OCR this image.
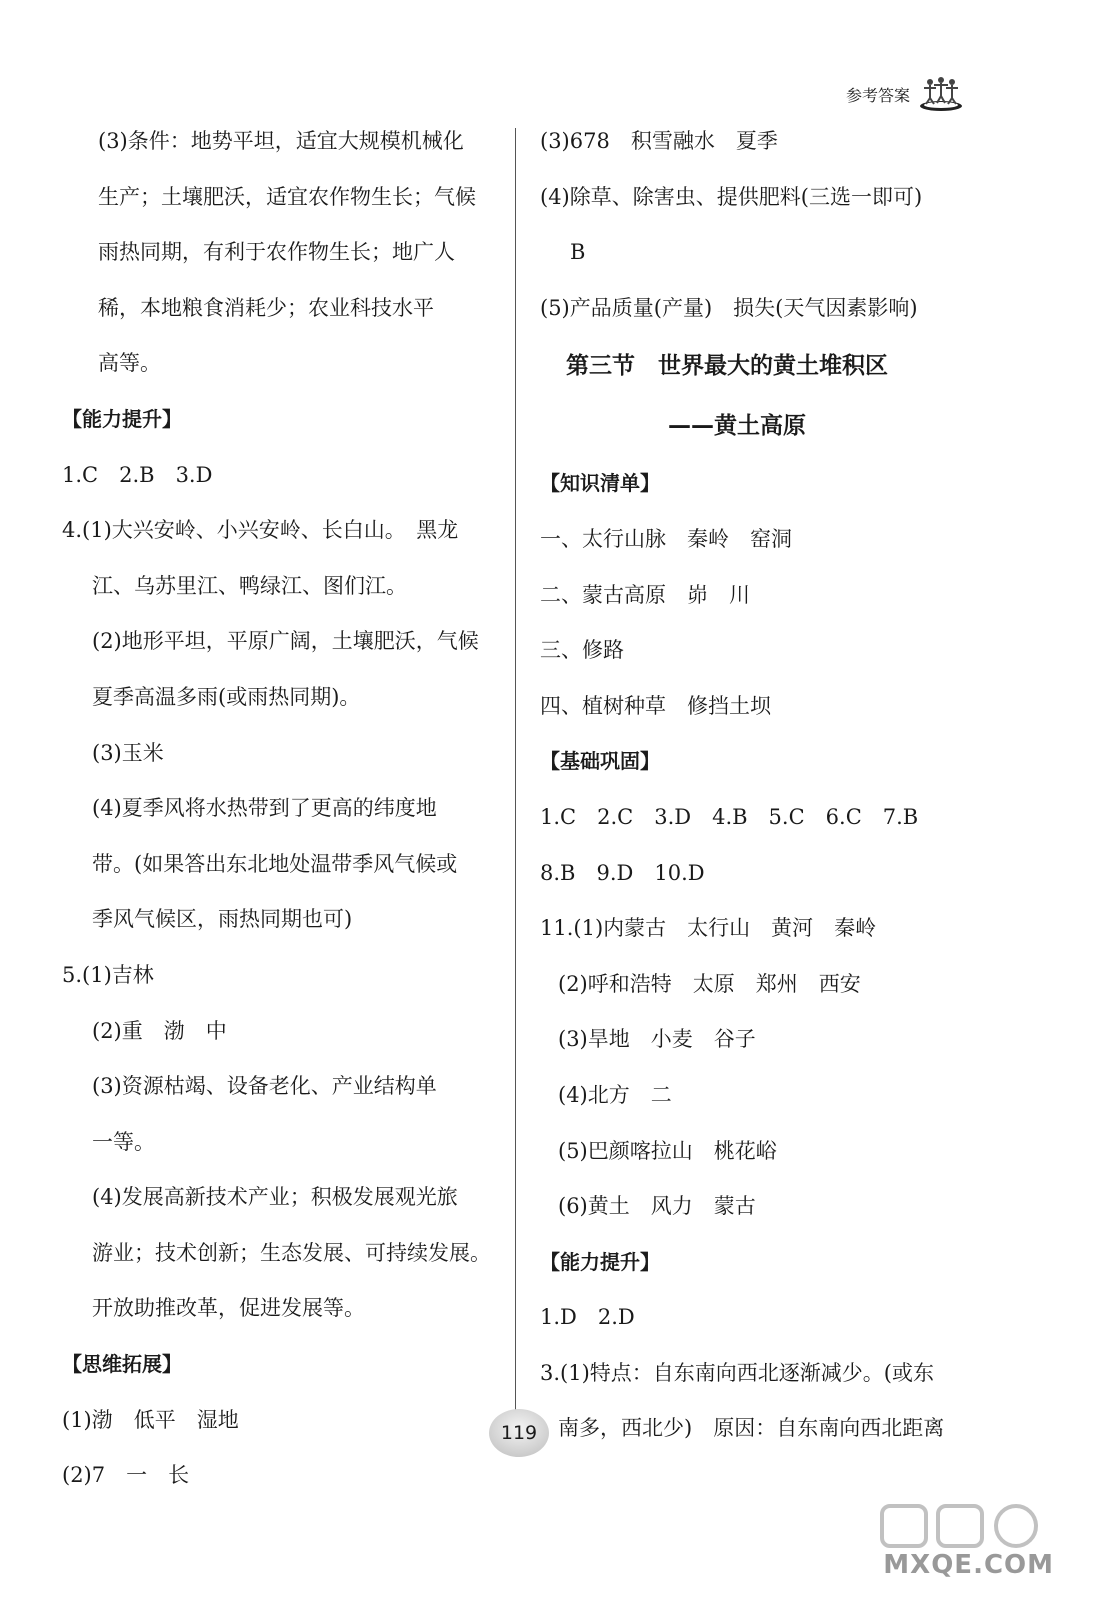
参考答案
(3)条件：地势平坦，适宜大规模机械化
生产；土壤肥沃，适宜农作物生长；气候
雨热同期，有利于农作物生长；地广人
稀，本地粮食消耗少；农业科技水平
高等。
【能力提升】
1.C　2.B　3.D
4.(1)大兴安岭、小兴安岭、长白山。　黑龙
江、乌苏里江、鸭绿江、图们江。
(2)地形平坦，平原广阔，土壤肥沃，气候
夏季高温多雨(或雨热同期)。
(3)玉米
(4)夏季风将水热带到了更高的纬度地
带。(如果答出东北地处温带季风气候或
季风气候区，雨热同期也可)
5.(1)吉林
(2)重　渤　中
(3)资源枯竭、设备老化、产业结构单
一等。
(4)发展高新技术产业；积极发展观光旅
游业；技术创新；生态发展、可持续发展。
开放助推改革，促进发展等。
【思维拓展】
(1)渤　低平　湿地
(2)7　一　长
(3)678　积雪融水　夏季
(4)除草、除害虫、提供肥料(三选一即可)
B
(5)产品质量(产量)　损失(天气因素影响)
第三节　世界最大的黄土堆积区
——黄土高原
【知识清单】
一、太行山脉　秦岭　窑洞
二、蒙古高原　峁　川
三、修路
四、植树种草　修挡土坝
【基础巩固】
1.C　2.C　3.D　4.B　5.C　6.C　7.B
8.B　9.D　10.D
11.(1)内蒙古　太行山　黄河　秦岭
(2)呼和浩特　太原　郑州　西安
(3)旱地　小麦　谷子
(4)北方　二
(5)巴颜喀拉山　桃花峪
(6)黄土　风力　蒙古
【能力提升】
1.D　2.D
3.(1)特点：自东南向西北逐渐减少。(或东
南多，西北少)　原因：自东南向西北距离
119
MXQE.COM
